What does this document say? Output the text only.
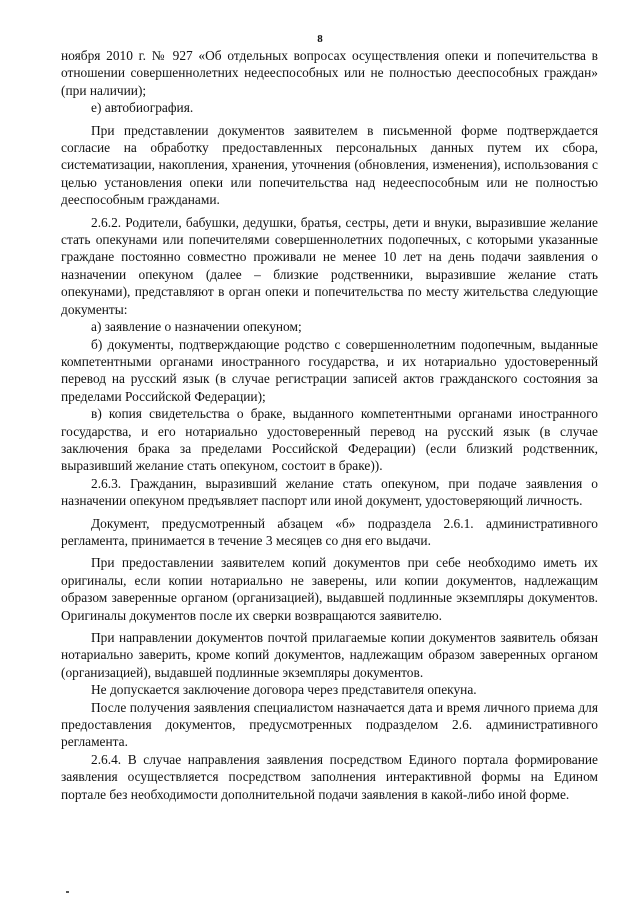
8

ноября 2010 г. № 927 «Об отдельных вопросах осуществления опеки и попечительства в отношении совершеннолетних недееспособных или не полностью дееспособных граждан» (при наличии);

е) автобиография.

При представлении документов заявителем в письменной форме подтверждается согласие на обработку предоставленных персональных данных путем их сбора, систематизации, накопления, хранения, уточнения (обновления, изменения), использования с целью установления опеки или попечительства над недееспособным или не полностью дееспособным гражданами.

2.6.2. Родители, бабушки, дедушки, братья, сестры, дети и внуки, выразившие желание стать опекунами или попечителями совершеннолетних подопечных, с которыми указанные граждане постоянно совместно проживали не менее 10 лет на день подачи заявления о назначении опекуном (далее – близкие родственники, выразившие желание стать опекунами), представляют в орган опеки и попечительства по месту жительства следующие документы:

а) заявление о назначении опекуном;

б) документы, подтверждающие родство с совершеннолетним подопечным, выданные компетентными органами иностранного государства, и их нотариально удостоверенный перевод на русский язык (в случае регистрации записей актов гражданского состояния за пределами Российской Федерации);

в) копия свидетельства о браке, выданного компетентными органами иностранного государства, и его нотариально удостоверенный перевод на русский язык (в случае заключения брака за пределами Российской Федерации) (если близкий родственник, выразивший желание стать опекуном, состоит в браке)).

2.6.3. Гражданин, выразивший желание стать опекуном, при подаче заявления о назначении опекуном предъявляет паспорт или иной документ, удостоверяющий личность.

Документ, предусмотренный абзацем «б» подраздела 2.6.1. административного регламента, принимается в течение 3 месяцев со дня его выдачи.

При предоставлении заявителем копий документов при себе необходимо иметь их оригиналы, если копии нотариально не заверены, или копии документов, надлежащим образом заверенные органом (организацией), выдавшей подлинные экземпляры документов. Оригиналы документов после их сверки возвращаются заявителю.

При направлении документов почтой прилагаемые копии документов заявитель обязан нотариально заверить, кроме копий документов, надлежащим образом заверенных органом (организацией), выдавшей подлинные экземпляры документов.

Не допускается заключение договора через представителя опекуна.

После получения заявления специалистом назначается дата и время личного приема для предоставления документов, предусмотренных подразделом 2.6. административного регламента.

2.6.4. В случае направления заявления посредством Единого портала формирование заявления осуществляется посредством заполнения интерактивной формы на Едином портале без необходимости дополнительной подачи заявления в какой-либо иной форме.
